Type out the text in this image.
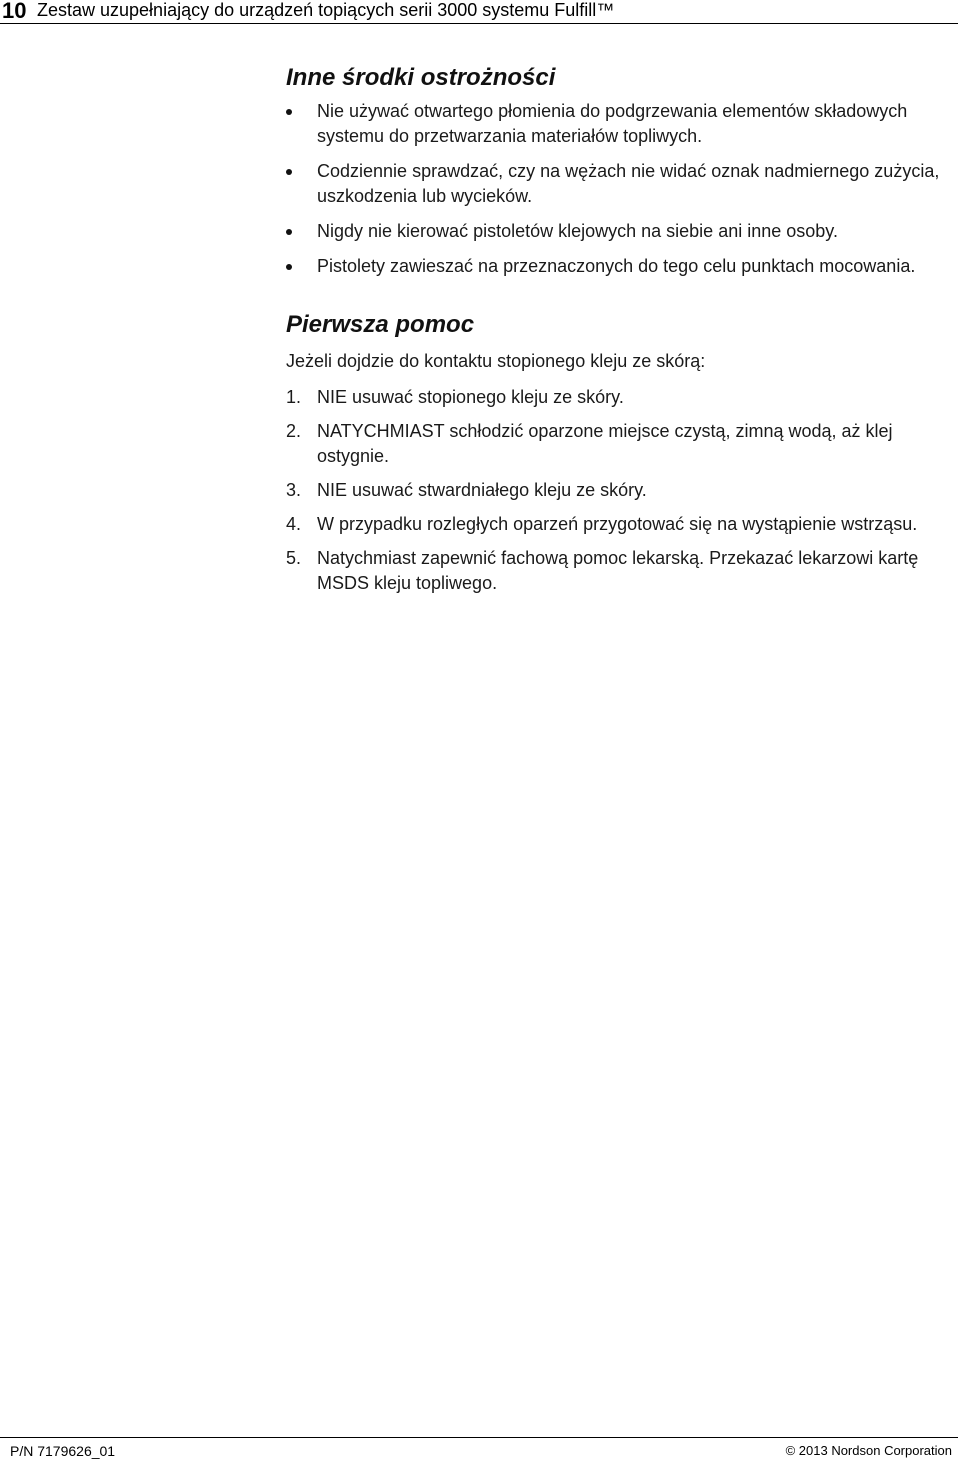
10 Zestaw uzupełniający do urządzeń topiących serii 3000 systemu Fulfill™
Inne środki ostrożności
Nie używać otwartego płomienia do podgrzewania elementów składowych systemu do przetwarzania materiałów topliwych.
Codziennie sprawdzać, czy na wężach nie widać oznak nadmiernego zużycia, uszkodzenia lub wycieków.
Nigdy nie kierować pistoletów klejowych na siebie ani inne osoby.
Pistolety zawieszać na przeznaczonych do tego celu punktach mocowania.
Pierwsza pomoc
Jeżeli dojdzie do kontaktu stopionego kleju ze skórą:
1. NIE usuwać stopionego kleju ze skóry.
2. NATYCHMIAST schłodzić oparzone miejsce czystą, zimną wodą, aż klej ostygnie.
3. NIE usuwać stwardniałego kleju ze skóry.
4. W przypadku rozległych oparzeń przygotować się na wystąpienie wstrząsu.
5. Natychmiast zapewnić fachową pomoc lekarską. Przekazać lekarzowi kartę MSDS kleju topliwego.
P/N 7179626_01	© 2013 Nordson Corporation
